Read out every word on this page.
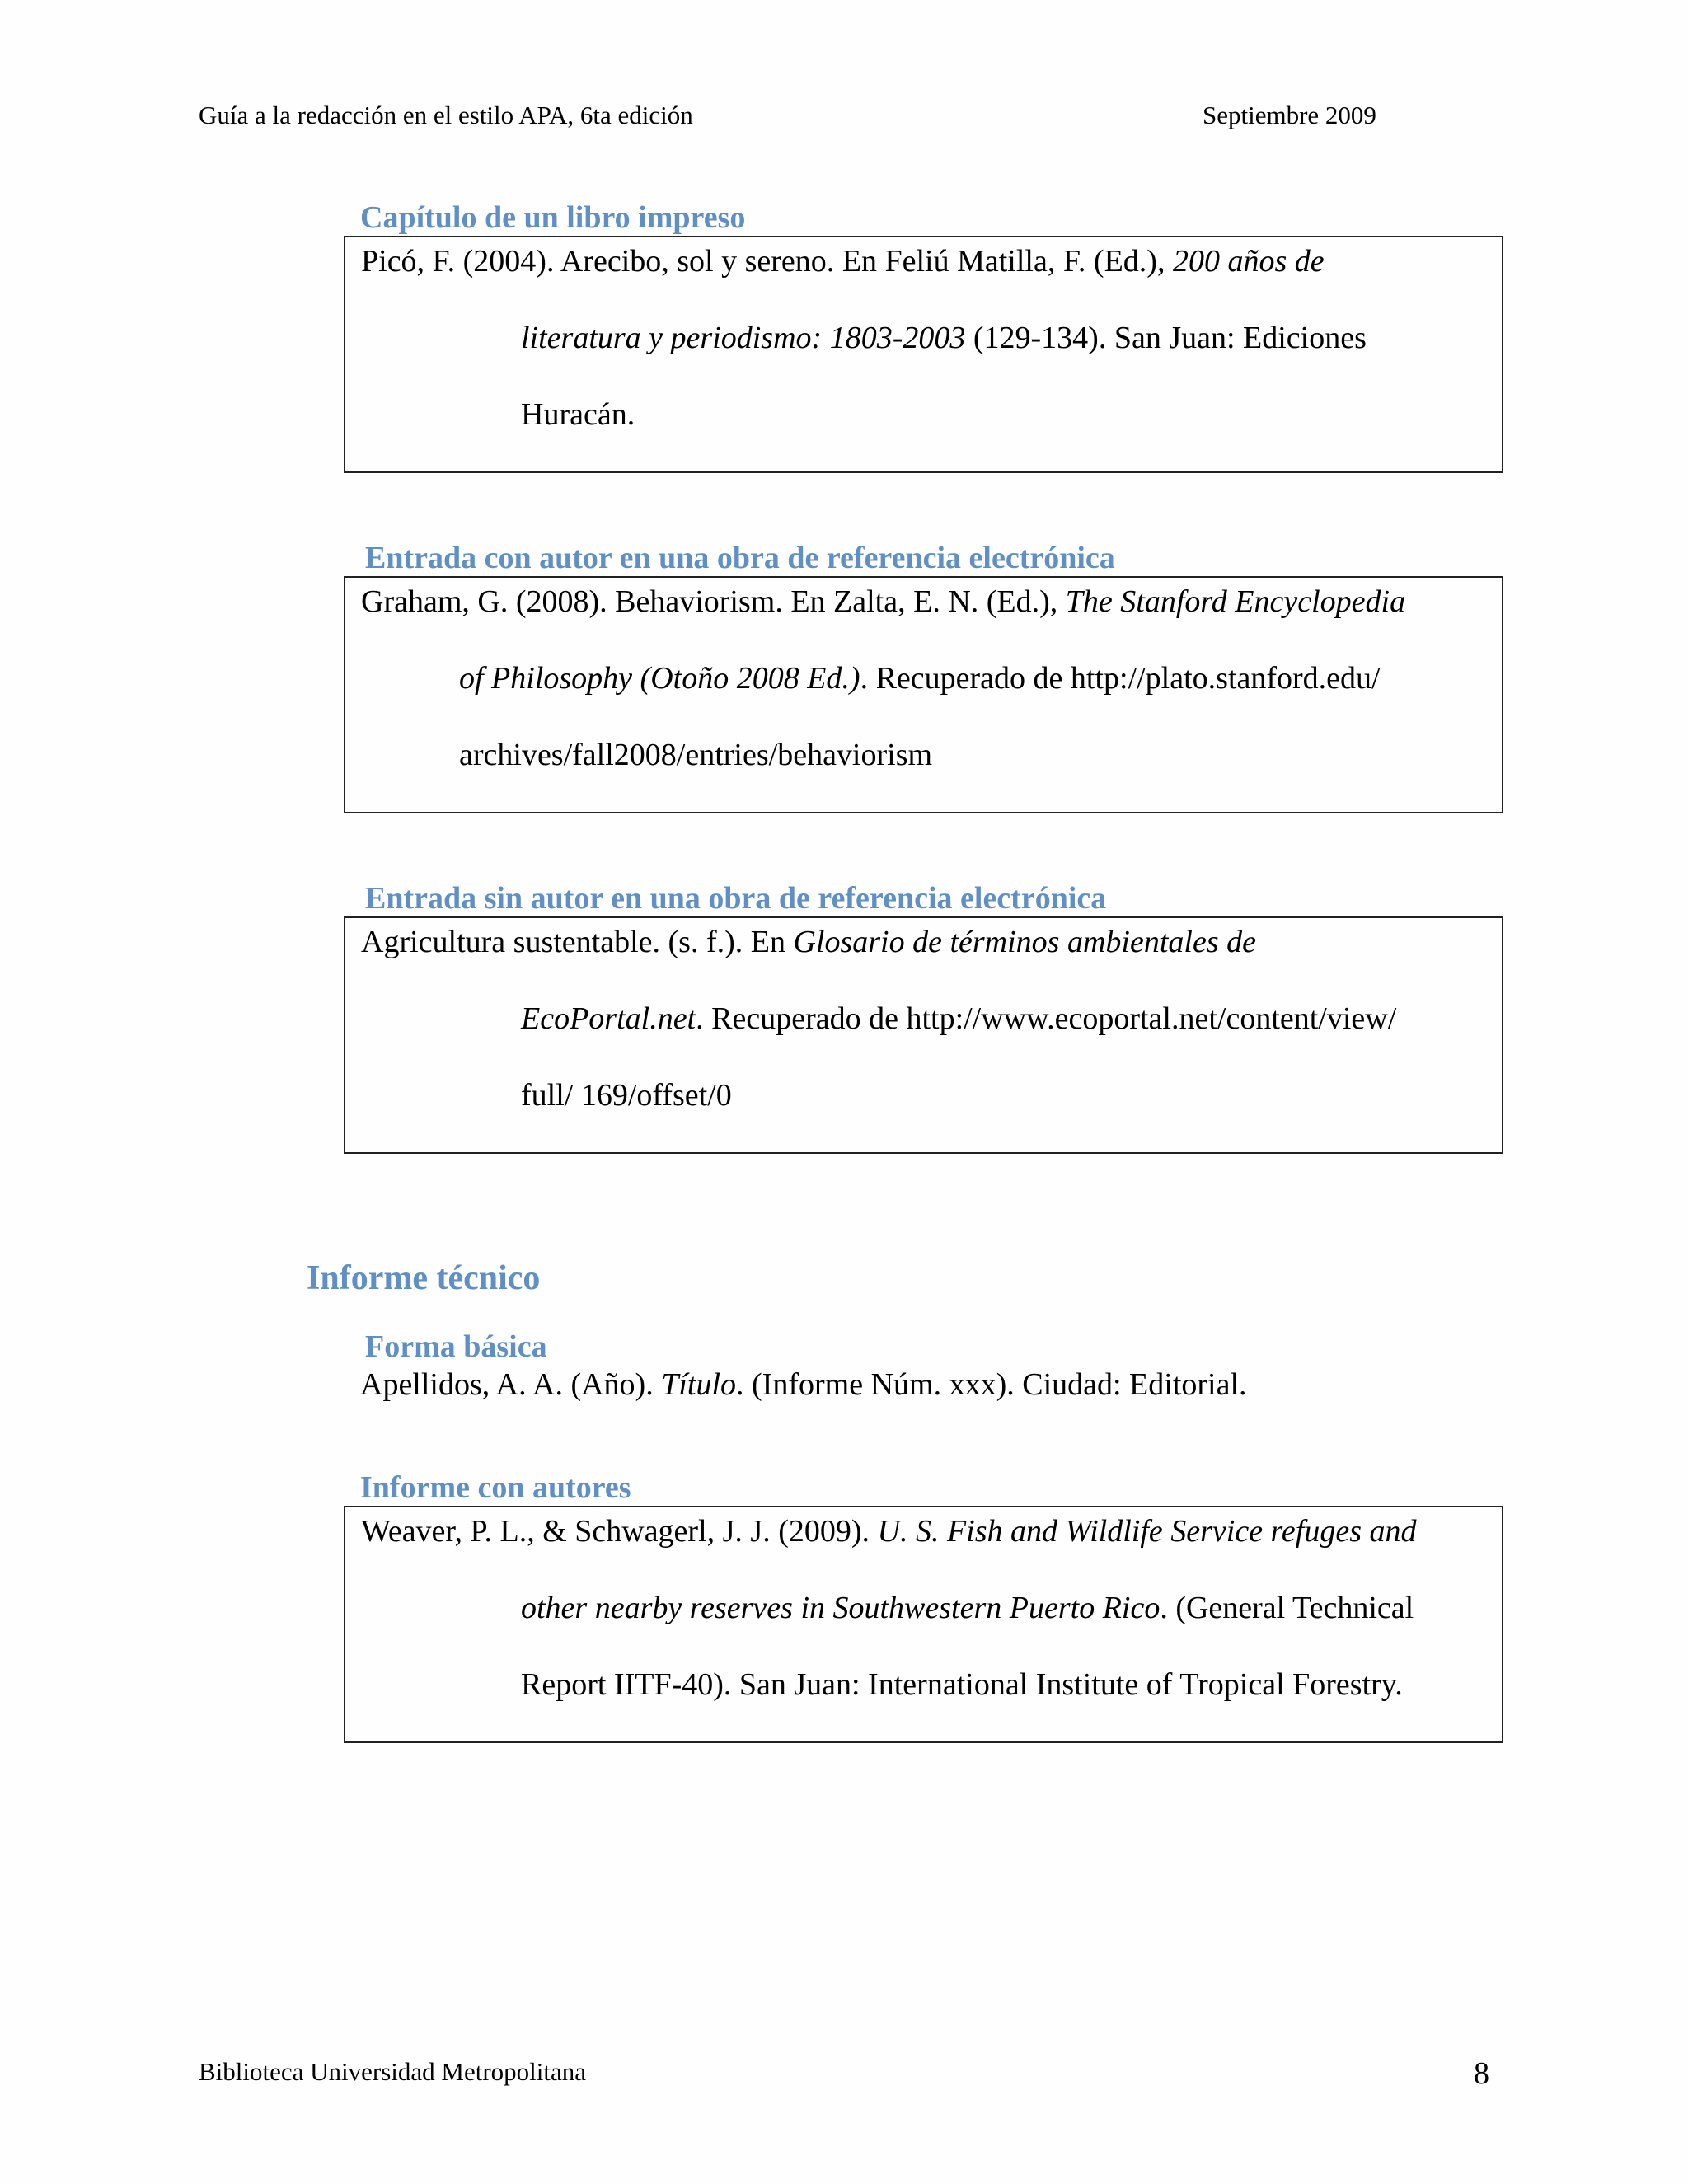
Guía a la redacción en el estilo APA, 6ta edición	Septiembre 2009
Capítulo de un libro impreso
Picó, F. (2004). Arecibo, sol y sereno. En Feliú Matilla, F. (Ed.), 200 años de
literatura y periodismo: 1803-2003 (129-134). San Juan: Ediciones
Huracán.
Entrada con autor en una obra de referencia electrónica
Graham, G. (2008). Behaviorism. En Zalta, E. N. (Ed.), The Stanford Encyclopedia
of Philosophy (Otoño 2008 Ed.). Recuperado de http://plato.stanford.edu/
archives/fall2008/entries/behaviorism
Entrada sin autor en una obra de referencia electrónica
Agricultura sustentable. (s. f.). En Glosario de términos ambientales de
EcoPortal.net. Recuperado de http://www.ecoportal.net/content/view/
full/ 169/offset/0
Informe técnico
Forma básica
Apellidos, A. A. (Año). Título. (Informe Núm. xxx). Ciudad: Editorial.
Informe con autores
Weaver, P. L., & Schwagerl, J. J. (2009). U. S. Fish and Wildlife Service refuges and
other nearby reserves in Southwestern Puerto Rico. (General Technical
Report IITF-40). San Juan: International Institute of Tropical Forestry.
Biblioteca Universidad Metropolitana	8
